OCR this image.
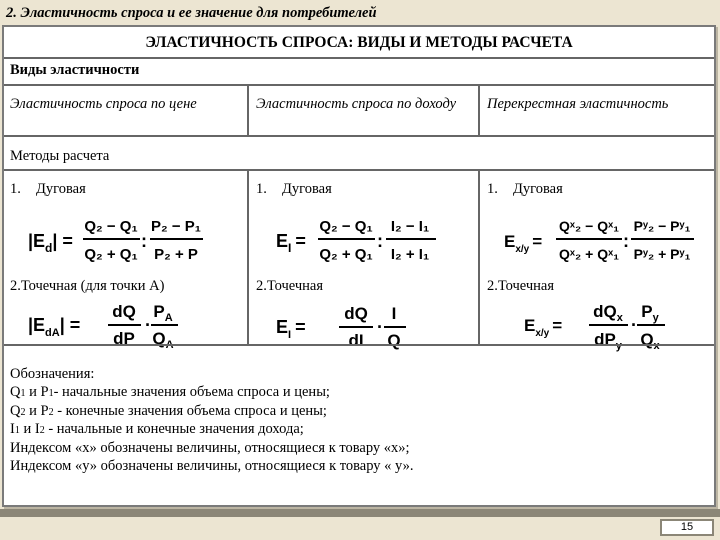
2. Эластичность спроса и ее значение для потребителей
ЭЛАСТИЧНОСТЬ СПРОСА: ВИДЫ И МЕТОДЫ РАСЧЕТА
Виды эластичности
Эластичность спроса по цене	Эластичность спроса по доходу	Перекрестная эластичность
Методы расчета
1. Дуговая
$|E_d|$ =
Q₂ − Q₁
Q₂ + Q₁
:
P₂ − P₁
P₂ + P
2.Точечная (для точки А)
$|E_{dA}|$ =
dQ
dP
·
$P_A$
$Q_A$
1. Дуговая
$E_I$ =
Q₂ − Q₁
Q₂ + Q₁
:
I₂ − I₁
I₂ + I₁
2.Точечная
$E_I$ =
dQ
dI
·
I
Q
1. Дуговая
$E_{x/y}$ =
Qˣ₂ − Qˣ₁
Qˣ₂ + Qˣ₁
:
Pʸ₂ − Pʸ₁
Pʸ₂ + Pʸ₁
2.Точечная
$E_{x/y}$ =
$dQ_x$
$dP_y$
·
$P_y$
$Q_x$
Обозначения:
Q1 и P1- начальные значения объема спроса и цены;
Q2 и P2 - конечные значения объема спроса и цены;
I1 и I2 - начальные и конечные значения дохода;
Индексом «х» обозначены величины, относящиеся к товару «х»;
Индексом «у» обозначены величины, относящиеся к товару « у».
15
